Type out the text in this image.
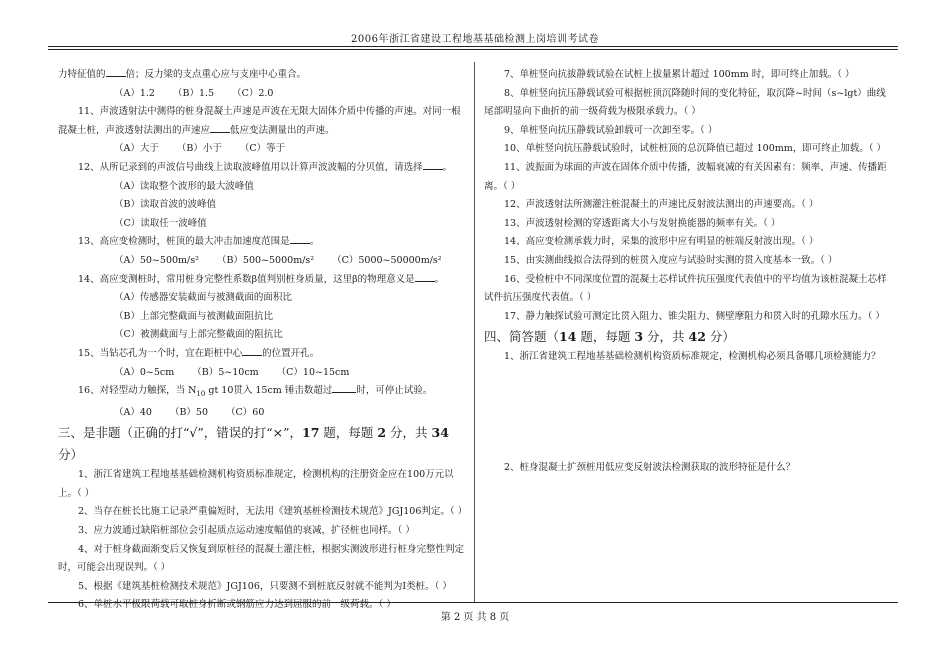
2006年浙江省建设工程地基基础检测上岗培训考试卷

力特征值的 倍；反力梁的支点重心应与支座中心重合。

（A）1.2 （B）1.5 （C）2.0

11、声波透射法中测得的桩身混凝土声速是声波在无限大固体介质中传播的声速。对同一根混凝土桩，声波透射法测出的声速应 低应变法测量出的声速。

（A）大于 （B）小于 （C）等于

12、从所记录到的声波信号曲线上读取波峰值用以计算声波波幅的分贝值，请选择 。

（A）读取整个波形的最大波峰值

（B）读取首波的波峰值

（C）读取任一波峰值

13、高应变检测时，桩顶的最大冲击加速度范围是 。

（A）50~500m/s² （B）500~5000m/s² （C）5000~50000m/s²

14、高应变测桩时，常用桩身完整性系数β值判别桩身质量，这里β的物理意义是 。

（A）传感器安装截面与被测截面的面积比

（B）上部完整截面与被测截面阻抗比

（C）被测截面与上部完整截面的阻抗比

15、当钻芯孔为一个时，宜在距桩中心 的位置开孔。

（A）0~5cm （B）5~10cm （C）10~15cm

16、对轻型动力触探，当 $N_{10}$ gt 10贯入 15cm 锤击数超过	时，可停止试验。

（A）40 （B）50 （C）60

三、是非题（正确的打“√”，错误的打“×”，17 题，每题 2 分，共 34 分）

1、浙江省建筑工程地基基础检测机构资质标准规定，检测机构的注册资金应在100万元以上。（ ）

2、当存在桩长比施工记录严重偏短时，无法用《建筑基桩检测技术规范》JGJ106判定。（ ）

3、应力波通过缺陷桩部位会引起质点运动速度幅值的衰减，扩径桩也同样。（ ）

4、对于桩身截面渐变后又恢复到原桩径的混凝土灌注桩，根据实测波形进行桩身完整性判定时，可能会出现误判。（ ）

5、根据《建筑基桩检测技术规范》JGJ106，只要测不到桩底反射就不能判为Ⅰ类桩。（ ）

6、单桩水平极限荷载可取桩身折断或钢筋应力达到屈服的前一级荷载。（ ）

7、单桩竖向抗拔静载试验在试桩上拔量累计超过 100mm 时，即可终止加载。（ ）

8、单桩竖向抗压静载试验可根据桩顶沉降随时间的变化特征，取沉降~时间（s~lgt）曲线尾部明显向下曲折的前一级荷载为极限承载力。（ ）

9、单桩竖向抗压静载试验卸载可一次卸至零。（ ）

10、单桩竖向抗压静载试验时，试桩桩顶的总沉降值已超过 100mm，即可终止加载。（ ）

11、波振面为球面的声波在固体介质中传播，波幅衰减的有关因素有：频率、声速、传播距离。（ ）

12、声波透射法所测灌注桩混凝土的声速比反射波法测出的声速要高。（ ）

13、声波透射检测的穿透距离大小与发射换能器的频率有关。（ ）

14、高应变检测承载力时，采集的波形中应有明显的桩端反射波出现。（ ）

15、由实测曲线拟合法得到的桩贯入度应与试验时实测的贯入度基本一致。（ ）

16、受检桩中不同深度位置的混凝土芯样试件抗压强度代表值中的平均值为该桩混凝土芯样试件抗压强度代表值。（ ）

17、静力触探试验可测定比贯入阻力、锥尖阻力、侧壁摩阻力和贯入时的孔隙水压力。（ ）

四、简答题（14 题，每题 3 分，共 42 分）

1、浙江省建筑工程地基基础检测机构资质标准规定，检测机构必须具备哪几项检测能力？

2、桩身混凝土扩颈桩用低应变反射波法检测获取的波形特征是什么？

第 2 页 共 8 页
